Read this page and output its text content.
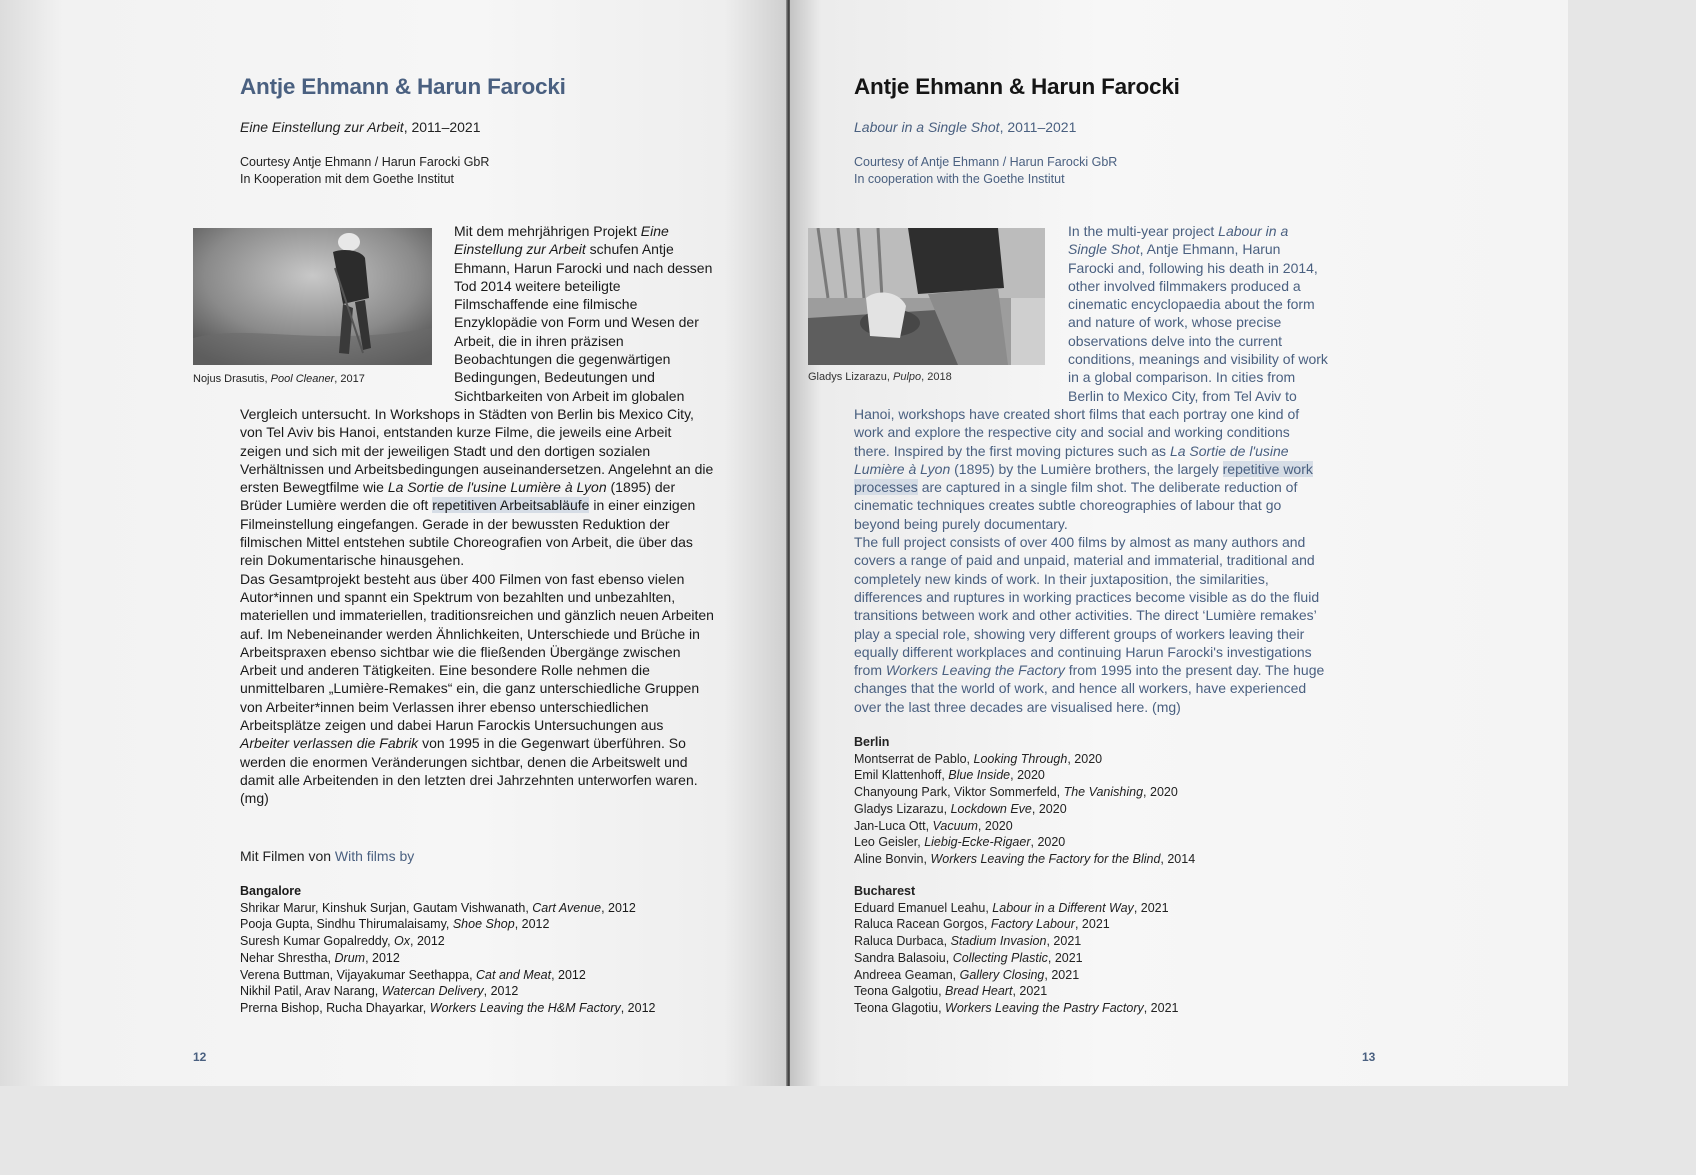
Antje Ehmann & Harun Farocki

Eine Einstellung zur Arbeit, 2011–2021

Courtesy Antje Ehmann / Harun Farocki GbR
In Kooperation mit dem Goethe Institut

Nojus Drasutis, Pool Cleaner, 2017

Mit dem mehrjährigen Projekt Eine Einstellung zur Arbeit schufen Antje Ehmann, Harun Farocki und nach dessen Tod 2014 weitere beteiligte Filmschaffende eine filmische Enzyklopädie von Form und Wesen der Arbeit, die in ihren präzisen Beobachtungen die gegenwärtigen Bedingungen, Bedeutungen und Sichtbarkeiten von Arbeit im globalen Vergleich untersucht. In Workshops in Städten von Berlin bis Mexico City, von Tel Aviv bis Hanoi, entstanden kurze Filme, die jeweils eine Arbeit zeigen und sich mit der jeweiligen Stadt und den dortigen sozialen Verhältnissen und Arbeitsbedingungen auseinandersetzen. Angelehnt an die ersten Bewegtfilme wie La Sortie de l'usine Lumière à Lyon (1895) der Brüder Lumière werden die oft repetitiven Arbeitsabläufe in einer einzigen Filmeinstellung eingefangen. Gerade in der bewussten Reduktion der filmischen Mittel entstehen subtile Choreografien von Arbeit, die über das rein Dokumentarische hinausgehen.
Das Gesamtprojekt besteht aus über 400 Filmen von fast ebenso vielen Autor*innen und spannt ein Spektrum von bezahlten und unbezahlten, materiellen und immateriellen, traditionsreichen und gänzlich neuen Arbeiten auf. Im Nebeneinander werden Ähnlichkeiten, Unterschiede und Brüche in Arbeitspraxen ebenso sichtbar wie die fließenden Übergänge zwischen Arbeit und anderen Tätigkeiten. Eine besondere Rolle nehmen die unmittelbaren „Lumière-Remakes“ ein, die ganz unterschiedliche Gruppen von Arbeiter*innen beim Verlassen ihrer ebenso unterschiedlichen Arbeitsplätze zeigen und dabei Harun Farockis Untersuchungen aus Arbeiter verlassen die Fabrik von 1995 in die Gegenwart überführen. So werden die enormen Veränderungen sichtbar, denen die Arbeitswelt und damit alle Arbeitenden in den letzten drei Jahrzehnten unterworfen waren. (mg)

Mit Filmen von With films by

Bangalore
Shrikar Marur, Kinshuk Surjan, Gautam Vishwanath, Cart Avenue, 2012
Pooja Gupta, Sindhu Thirumalaisamy, Shoe Shop, 2012
Suresh Kumar Gopalreddy, Ox, 2012
Nehar Shrestha, Drum, 2012
Verena Buttman, Vijayakumar Seethappa, Cat and Meat, 2012
Nikhil Patil, Arav Narang, Watercan Delivery, 2012
Prerna Bishop, Rucha Dhayarkar, Workers Leaving the H&M Factory, 2012
12
Antje Ehmann & Harun Farocki

Labour in a Single Shot, 2011–2021

Courtesy of Antje Ehmann / Harun Farocki GbR
In cooperation with the Goethe Institut

Gladys Lizarazu, Pulpo, 2018

In the multi-year project Labour in a Single Shot, Antje Ehmann, Harun Farocki and, following his death in 2014, other involved filmmakers produced a cinematic encyclopaedia about the form and nature of work, whose precise observations delve into the current conditions, meanings and visibility of work in a global comparison. In cities from Berlin to Mexico City, from Tel Aviv to Hanoi, workshops have created short films that each portray one kind of work and explore the respective city and social and working conditions there. Inspired by the first moving pictures such as La Sortie de l'usine Lumière à Lyon (1895) by the Lumière brothers, the largely repetitive work processes are captured in a single film shot. The deliberate reduction of cinematic techniques creates subtle choreographies of labour that go beyond being purely documentary.
The full project consists of over 400 films by almost as many authors and covers a range of paid and unpaid, material and immaterial, traditional and completely new kinds of work. In their juxtaposition, the similarities, differences and ruptures in working practices become visible as do the fluid transitions between work and other activities. The direct ‘Lumière remakes’ play a special role, showing very different groups of workers leaving their equally different workplaces and continuing Harun Farocki's investigations from Workers Leaving the Factory from 1995 into the present day. The huge changes that the world of work, and hence all workers, have experienced over the last three decades are visualised here. (mg)
Berlin
Montserrat de Pablo, Looking Through, 2020
Emil Klattenhoff, Blue Inside, 2020
Chanyoung Park, Viktor Sommerfeld, The Vanishing, 2020
Gladys Lizarazu, Lockdown Eve, 2020
Jan-Luca Ott, Vacuum, 2020
Leo Geisler, Liebig-Ecke-Rigaer, 2020
Aline Bonvin, Workers Leaving the Factory for the Blind, 2014
Bucharest
Eduard Emanuel Leahu, Labour in a Different Way, 2021
Raluca Racean Gorgos, Factory Labour, 2021
Raluca Durbaca, Stadium Invasion, 2021
Sandra Balasoiu, Collecting Plastic, 2021
Andreea Geaman, Gallery Closing, 2021
Teona Galgotiu, Bread Heart, 2021
Teona Glagotiu, Workers Leaving the Pastry Factory, 2021
13
